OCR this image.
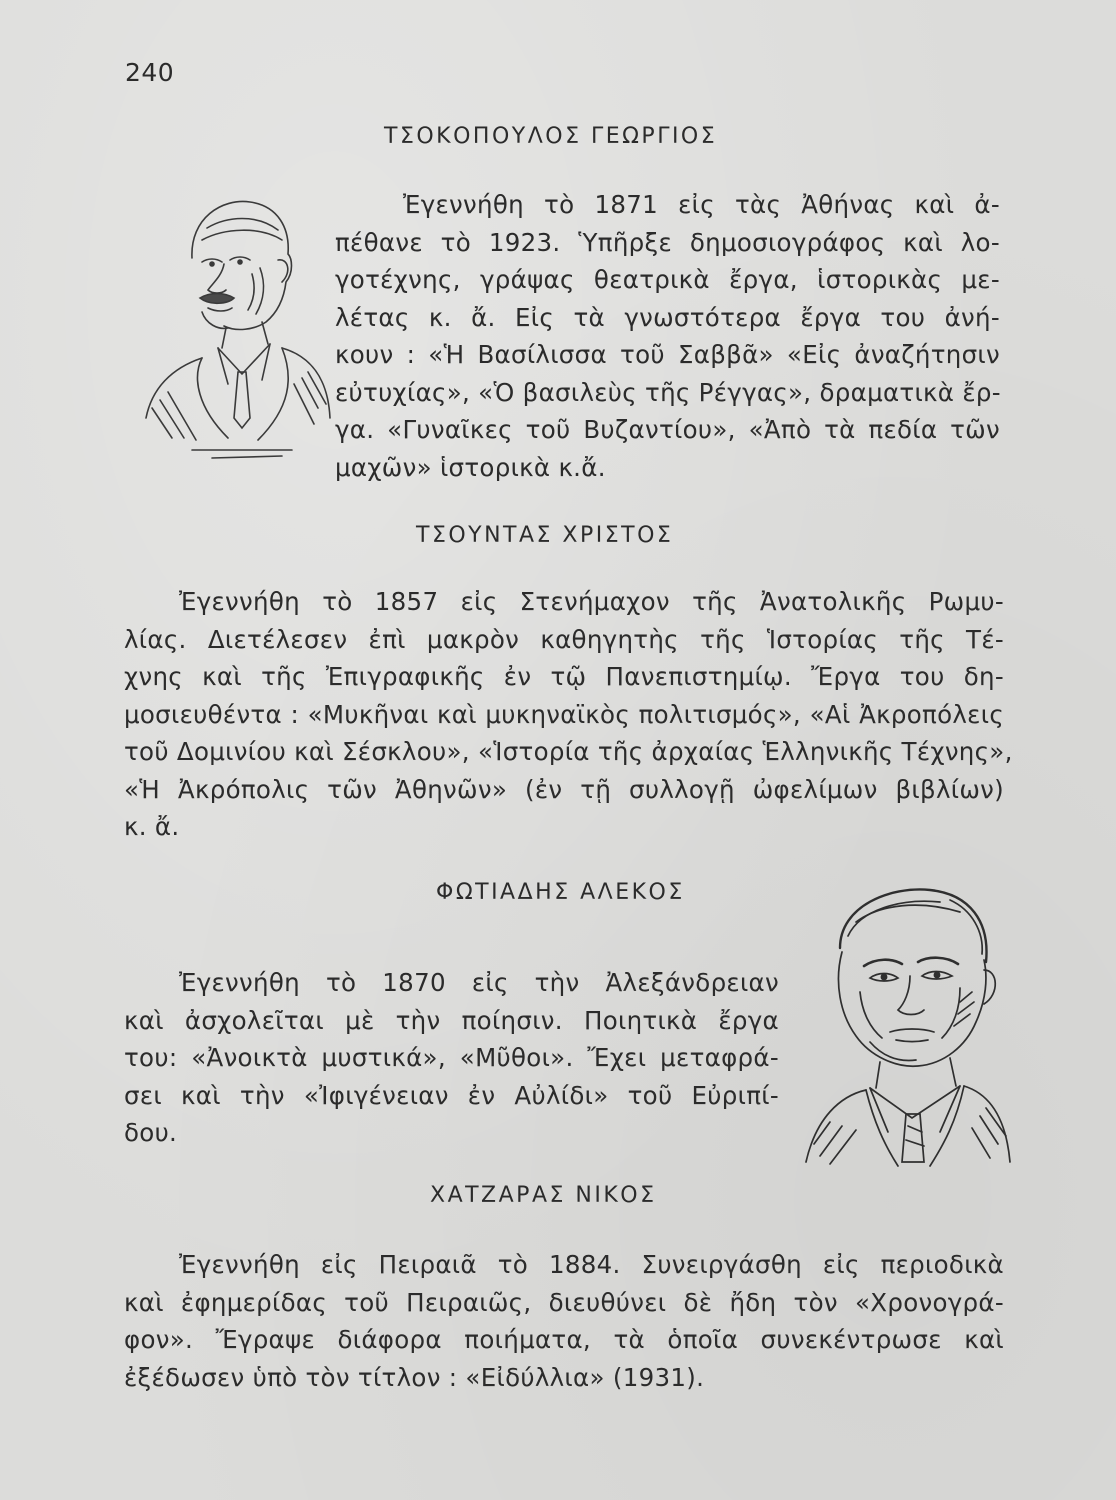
240
ΤΣΟΚΟΠΟΥΛΟΣ ΓΕΩΡΓΙΟΣ
Ἐγεννήθη τὸ 1871 εἰς τὰς Ἀθήνας καὶ ἀ-
πέθανε τὸ 1923. Ὑπῆρξε δημοσιογράφος καὶ λο-
γοτέχνης, γράψας θεατρικὰ ἔργα, ἱστορικὰς με-
λέτας κ. ἄ. Εἰς τὰ γνωστότερα ἔργα του ἀνή-
κουν : «Ἡ Βασίλισσα τοῦ Σαββᾶ» «Εἰς ἀναζήτησιν
εὐτυχίας», «Ὁ βασιλεὺς τῆς Ρέγγας», δραματικὰ ἔρ-
γα. «Γυναῖκες τοῦ Βυζαντίου», «Ἀπὸ τὰ πεδία τῶν
μαχῶν» ἱστορικὰ κ.ἄ.
ΤΣΟΥΝΤΑΣ ΧΡΙΣΤΟΣ
Ἐγεννήθη τὸ 1857 εἰς Στενήμαχον τῆς Ἀνατολικῆς Ρωμυ-
λίας. Διετέλεσεν ἐπὶ μακρὸν καθηγητὴς τῆς Ἱστορίας τῆς Τέ-
χνης καὶ τῆς Ἐπιγραφικῆς ἐν τῷ Πανεπιστημίῳ. Ἔργα του δη-
μοσιευθέντα : «Μυκῆναι καὶ μυκηναϊκὸς πολιτισμός», «Αἱ Ἀκροπόλεις
τοῦ Δομινίου καὶ Σέσκλου», «Ἱστορία τῆς ἀρχαίας Ἑλληνικῆς Τέχνης»,
«Ἡ Ἀκρόπολις τῶν Ἀθηνῶν» (ἐν τῇ συλλογῇ ὠφελίμων βιβλίων)
κ. ἄ.
ΦΩΤΙΑΔΗΣ ΑΛΕΚΟΣ
Ἐγεννήθη τὸ 1870 εἰς τὴν Ἀλεξάνδρειαν
καὶ ἀσχολεῖται μὲ τὴν ποίησιν. Ποιητικὰ ἔργα
του: «Ἀνοικτὰ μυστικά», «Μῦθοι». Ἔχει μεταφρά-
σει καὶ τὴν «Ἰφιγένειαν ἐν Αὐλίδι» τοῦ Εὐριπί-
δου.
ΧΑΤΖΑΡΑΣ ΝΙΚΟΣ
Ἐγεννήθη εἰς Πειραιᾶ τὸ 1884. Συνειργάσθη εἰς περιοδικὰ
καὶ ἐφημερίδας τοῦ Πειραιῶς, διευθύνει δὲ ἤδη τὸν «Χρονογρά-
φον». Ἔγραψε διάφορα ποιήματα, τὰ ὁποῖα συνεκέντρωσε καὶ
ἐξέδωσεν ὑπὸ τὸν τίτλον : «Εἰδύλλια» (1931).
